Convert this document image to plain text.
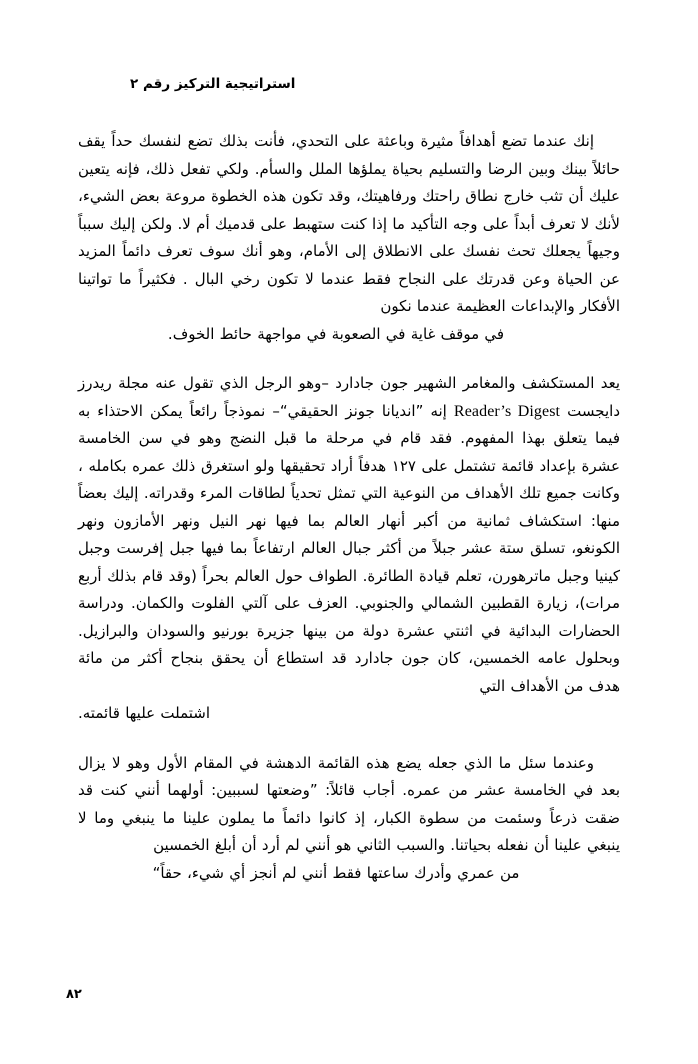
استراتيجية التركيز رقم ٢

إنك عندما تضع أهدافاً مثيرة وباعثة على التحدي، فأنت بذلك تضع لنفسك حداً يقف حائلاً بينك وبين الرضا والتسليم بحياة يملؤها الملل والسأم. ولكي تفعل ذلك، فإنه يتعين عليك أن تثب خارج نطاق راحتك ورفاهيتك، وقد تكون هذه الخطوة مروعة بعض الشيء، لأنك لا تعرف أبداً على وجه التأكيد ما إذا كنت ستهبط على قدميك أم لا. ولكن إليك سبباً وجيهاً يجعلك تحث نفسك على الانطلاق إلى الأمام، وهو أنك سوف تعرف دائماً المزيد عن الحياة وعن قدرتك على النجاح فقط عندما لا تكون رخي البال . فكثيراً ما تواتينا الأفكار والإبداعات العظيمة عندما نكون
في موقف غاية في الصعوبة في مواجهة حائط الخوف.

يعد المستكشف والمغامر الشهير جون جادارد –وهو الرجل الذي تقول عنه مجلة ريدرز دايجست Reader’s Digest إنه ”انديانا جونز الحقيقي“– نموذجاً رائعاً يمكن الاحتذاء به فيما يتعلق بهذا المفهوم. فقد قام في مرحلة ما قبل النضج وهو في سن الخامسة عشرة بإعداد قائمة تشتمل على ١٢٧ هدفاً أراد تحقيقها ولو استغرق ذلك عمره بكامله ، وكانت جميع تلك الأهداف من النوعية التي تمثل تحدياً لطاقات المرء وقدراته. إليك بعضاً منها: استكشاف ثمانية من أكبر أنهار العالم بما فيها نهر النيل ونهر الأمازون ونهر الكونغو، تسلق ستة عشر جبلاً من أكثر جبال العالم ارتفاعاً بما فيها جبل إفرست وجبل كينيا وجبل ماترهورن، تعلم قيادة الطائرة. الطواف حول العالم بحراً (وقد قام بذلك أربع مرات)، زيارة القطبين الشمالي والجنوبي. العزف على آلتي الفلوت والكمان. ودراسة الحضارات البدائية في اثنتي عشرة دولة من بينها جزيرة بورنيو والسودان والبرازيل. وبحلول عامه الخمسين، كان جون جادارد قد استطاع أن يحقق بنجاح أكثر من مائة هدف من الأهداف التي
اشتملت عليها قائمته.

وعندما سئل ما الذي جعله يضع هذه القائمة الدهشة في المقام الأول وهو لا يزال بعد في الخامسة عشر من عمره. أجاب قائلاً: ”وضعتها لسببين: أولهما أنني كنت قد ضقت ذرعاً وسئمت من سطوة الكبار، إذ كانوا دائماً ما يملون علينا ما ينبغي وما لا ينبغي علينا أن نفعله بحياتنا. والسبب الثاني هو أنني لم أرد أن أبلغ الخمسين
من عمري وأدرك ساعتها فقط أنني لم أنجز أي شيء، حقاً“

٨٢
